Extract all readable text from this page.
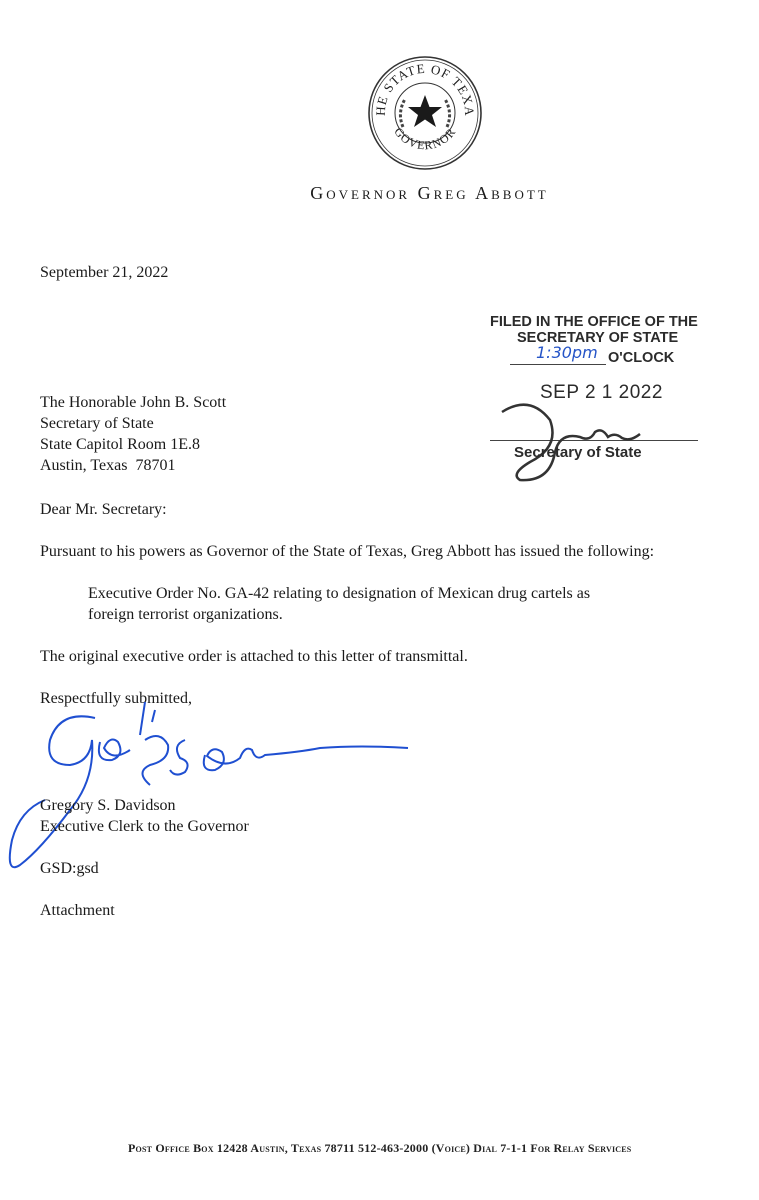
HE STATE OF TEXA
GOVERNOR
Governor Greg Abbott
September 21, 2022
The Honorable John B. Scott
Secretary of State
State Capitol Room 1E.8
Austin, Texas  78701
FILED IN THE OFFICE OF THE
SECRETARY OF STATE
1:30pm O'CLOCK
SEP 2 1 2022
Secretary of State
Dear Mr. Secretary:
Pursuant to his powers as Governor of the State of Texas, Greg Abbott has issued the following:
Executive Order No. GA-42 relating to designation of Mexican drug cartels as
foreign terrorist organizations.
The original executive order is attached to this letter of transmittal.
Respectfully submitted,
Gregory S. Davidson
Executive Clerk to the Governor
GSD:gsd
Attachment
Post Office Box 12428 Austin, Texas 78711 512-463-2000 (Voice) Dial 7-1-1 For Relay Services
